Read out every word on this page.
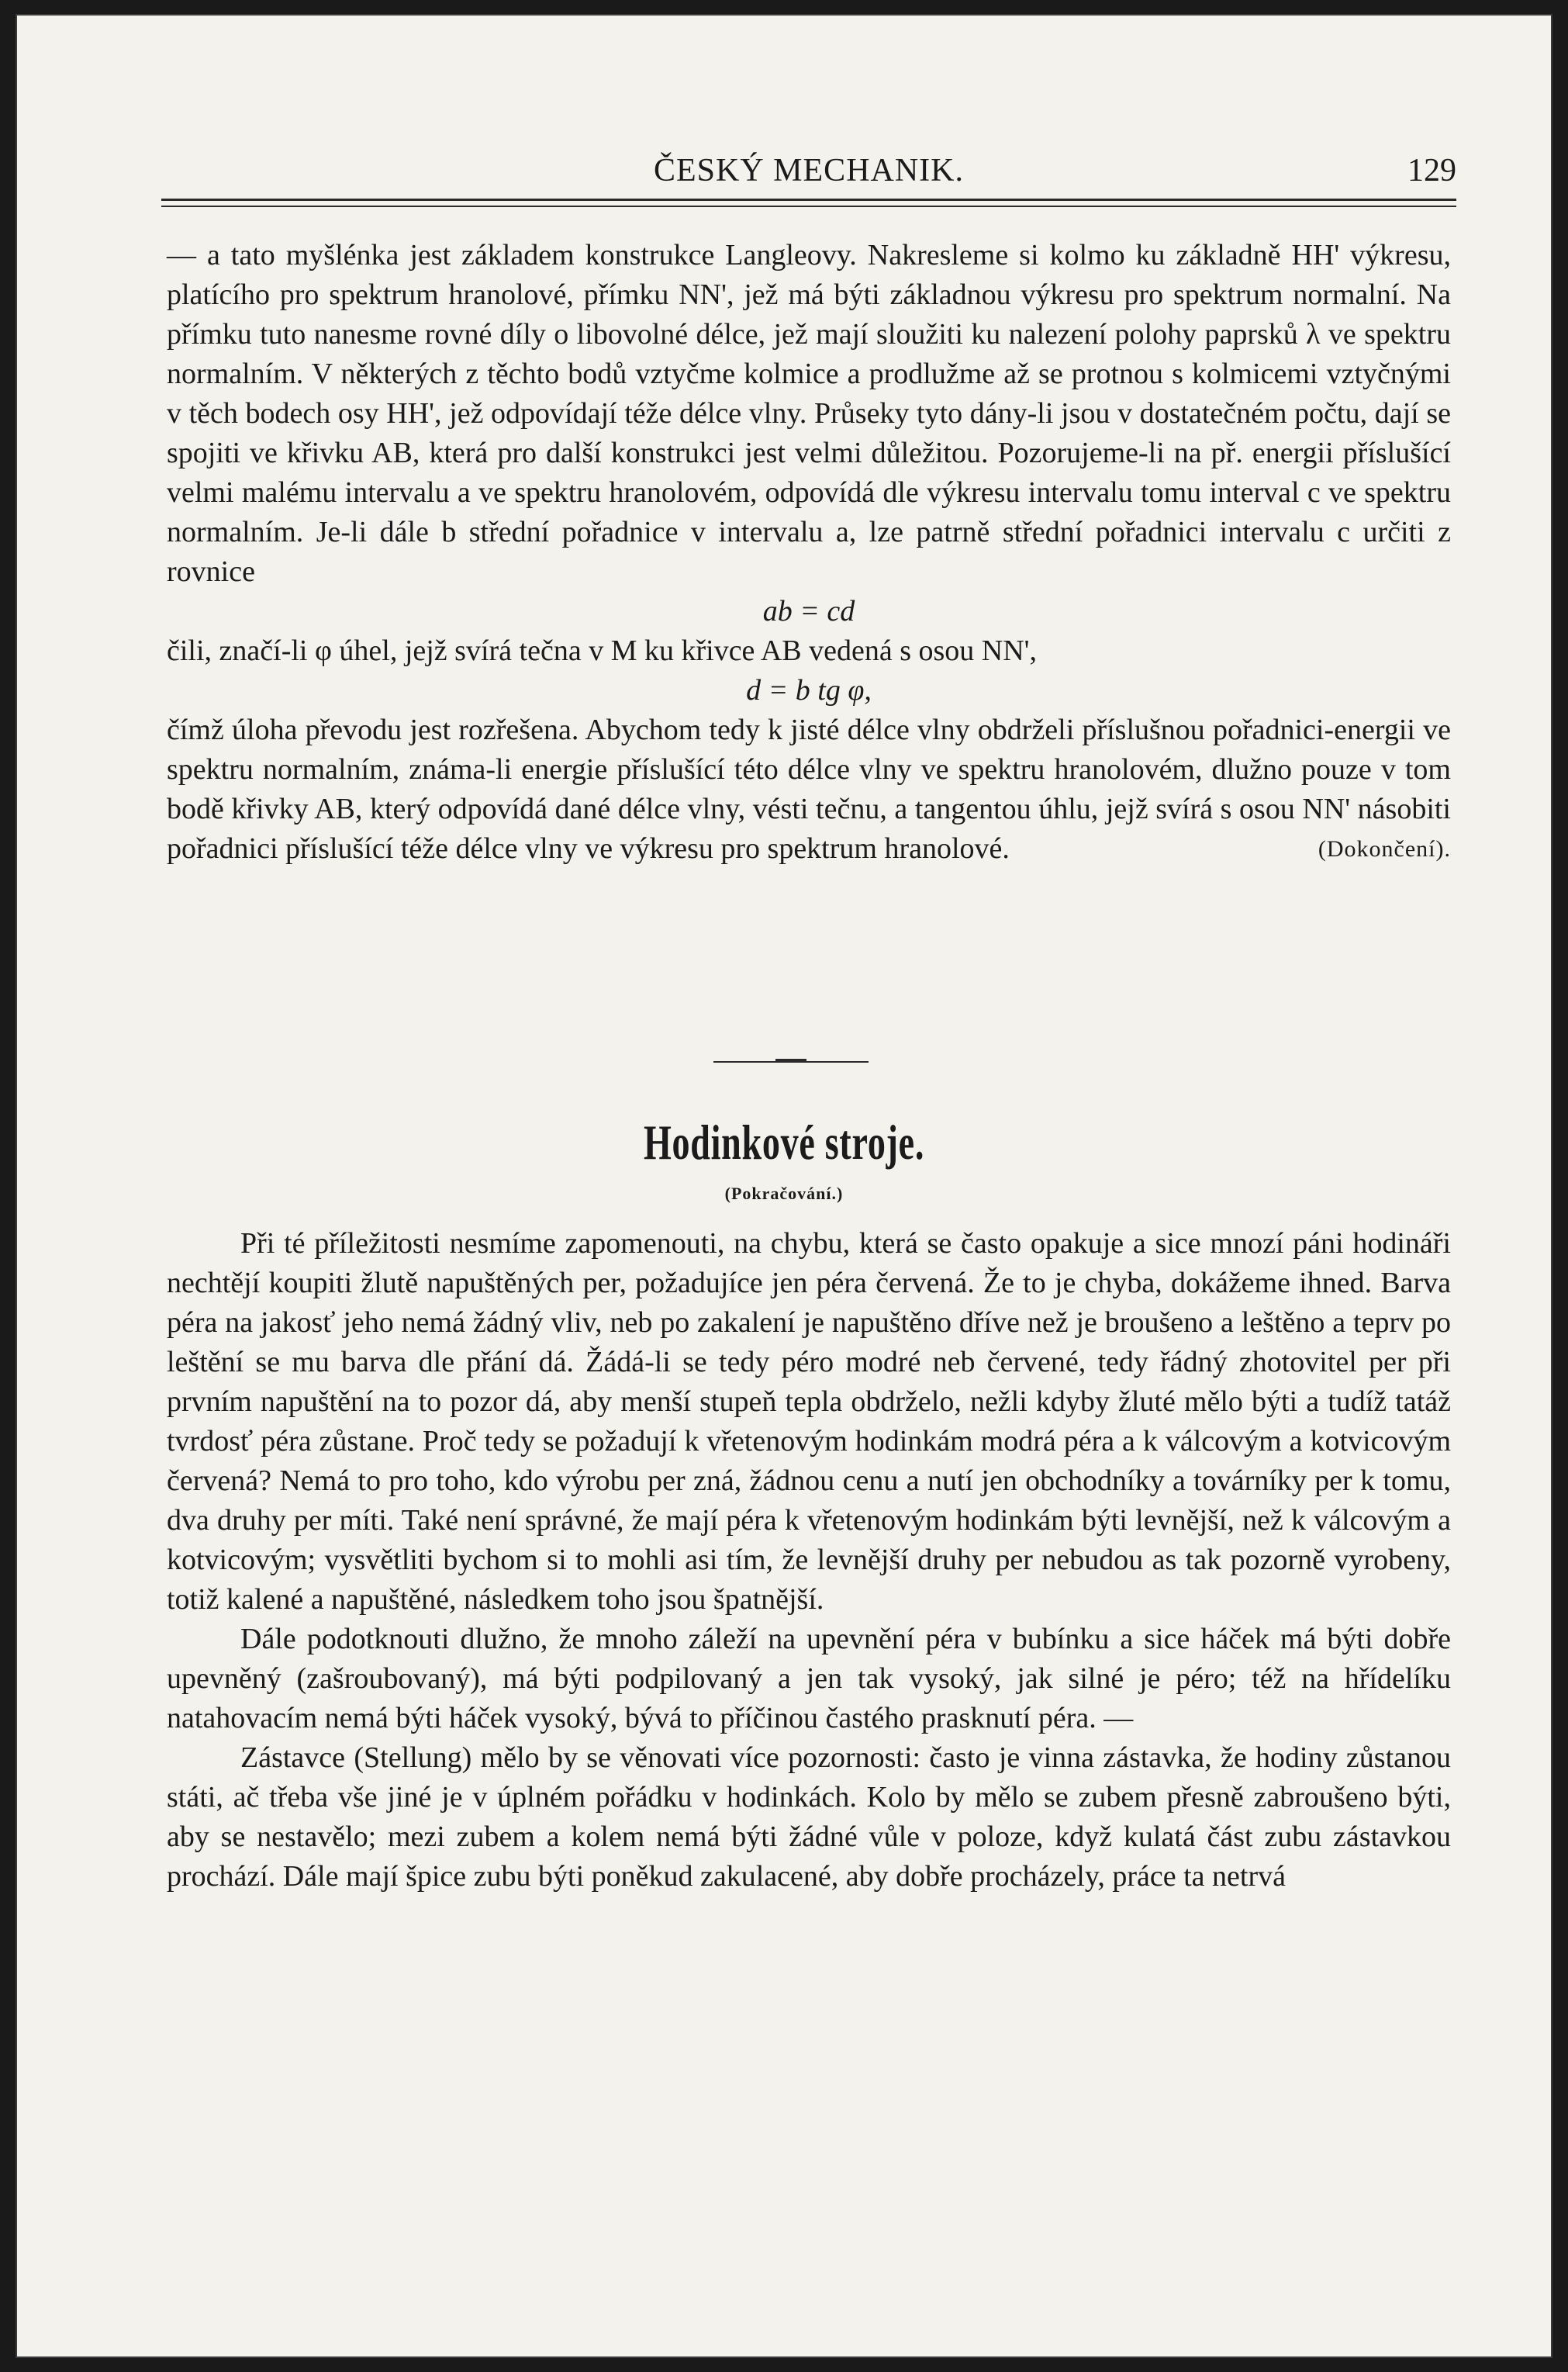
ČESKÝ MECHANIK.	129

— a tato myšlénka jest základem konstrukce Langleovy. Nakresleme si kolmo ku základně HH' výkresu, platícího pro spektrum hranolové, přímku NN', jež má býti základnou výkresu pro spektrum normalní. Na přímku tuto nanesme rovné díly o libovolné délce, jež mají sloužiti ku nalezení polohy paprsků λ ve spektru normalním. V některých z těchto bodů vztyčme kolmice a prodlužme až se protnou s kolmicemi vztyčnými v těch bodech osy HH', jež odpovídají téže délce vlny. Průseky tyto dány-li jsou v dostatečném počtu, dají se spojiti ve křivku AB, která pro další konstrukci jest velmi důležitou. Pozorujeme-li na př. energii příslušící velmi malému intervalu a ve spektru hranolovém, odpovídá dle výkresu intervalu tomu interval c ve spektru normalním. Je-li dále b střední pořadnice v intervalu a, lze patrně střední pořadnici intervalu c určiti z rovnice

ab = cd

čili, značí-li φ úhel, jejž svírá tečna v M ku křivce AB vedená s osou NN',

d = b tg φ,

čímž úloha převodu jest rozřešena. Abychom tedy k jisté délce vlny obdrželi příslušnou pořadnici-energii ve spektru normalním, známa-li energie příslušící této délce vlny ve spektru hranolovém, dlužno pouze v tom bodě křivky AB, který odpovídá dané délce vlny, vésti tečnu, a tangentou úhlu, jejž svírá s osou NN' násobiti pořadnici příslušící téže délce vlny ve výkresu pro spektrum hranolové.	(Dokončení).

Hodinkové stroje.
(Pokračování.)

Při té příležitosti nesmíme zapomenouti, na chybu, která se často opakuje a sice mnozí páni hodináři nechtějí koupiti žlutě napuštěných per, požadujíce jen péra červená. Že to je chyba, dokážeme ihned. Barva péra na jakosť jeho nemá žádný vliv, neb po zakalení je napuštěno dříve než je broušeno a leštěno a teprv po leštění se mu barva dle přání dá. Žádá-li se tedy péro modré neb červené, tedy řádný zhotovitel per při prvním napuštění na to pozor dá, aby menší stupeň tepla obdrželo, nežli kdyby žluté mělo býti a tudíž tatáž tvrdosť péra zůstane. Proč tedy se požadují k vřetenovým hodinkám modrá péra a k válcovým a kotvicovým červená? Nemá to pro toho, kdo výrobu per zná, žádnou cenu a nutí jen obchodníky a továrníky per k tomu, dva druhy per míti. Také není správné, že mají péra k vřetenovým hodinkám býti levnější, než k válcovým a kotvicovým; vysvětliti bychom si to mohli asi tím, že levnější druhy per nebudou as tak pozorně vyrobeny, totiž kalené a napuštěné, následkem toho jsou špatnější.

Dále podotknouti dlužno, že mnoho záleží na upevnění péra v bubínku a sice háček má býti dobře upevněný (zašroubovaný), má býti podpilovaný a jen tak vysoký, jak silné je péro; též na hřídelíku natahovacím nemá býti háček vysoký, bývá to příčinou častého prasknutí péra. —

Zástavce (Stellung) mělo by se věnovati více pozornosti: často je vinna zástavka, že hodiny zůstanou státi, ač třeba vše jiné je v úplném pořádku v hodinkách. Kolo by mělo se zubem přesně zabroušeno býti, aby se nestavělo; mezi zubem a kolem nemá býti žádné vůle v poloze, když kulatá část zubu zástavkou prochází. Dále mají špice zubu býti poněkud zakulacené, aby dobře procházely, práce ta netrvá
